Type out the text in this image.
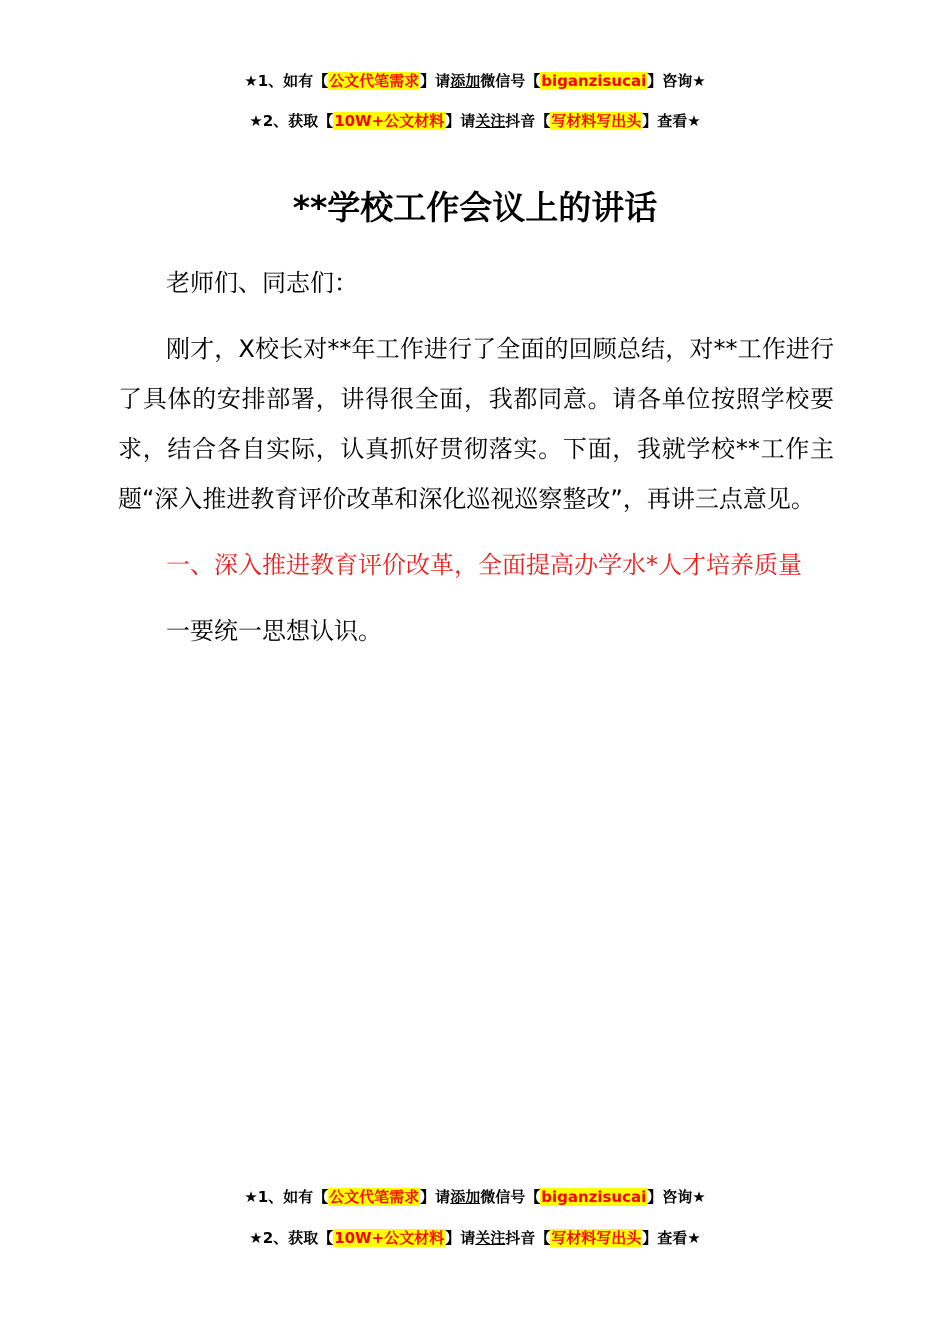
★1、如有【公文代笔需求】请添加微信号【biganzisucai】咨询★
★2、获取【10W+公文材料】请关注抖音【写材料写出头】查看★
**学校工作会议上的讲话

老师们、同志们：

刚才，X校长对**年工作进行了全面的回顾总结，对**工作进行了具体的安排部署，讲得很全面，我都同意。请各单位按照学校要求，结合各自实际，认真抓好贯彻落实。下面，我就学校**工作主题“深入推进教育评价改革和深化巡视巡察整改”，再讲三点意见。

一、深入推进教育评价改革，全面提高办学水*人才培养质量

一要统一思想认识。

★1、如有【公文代笔需求】请添加微信号【biganzisucai】咨询★
★2、获取【10W+公文材料】请关注抖音【写材料写出头】查看★
